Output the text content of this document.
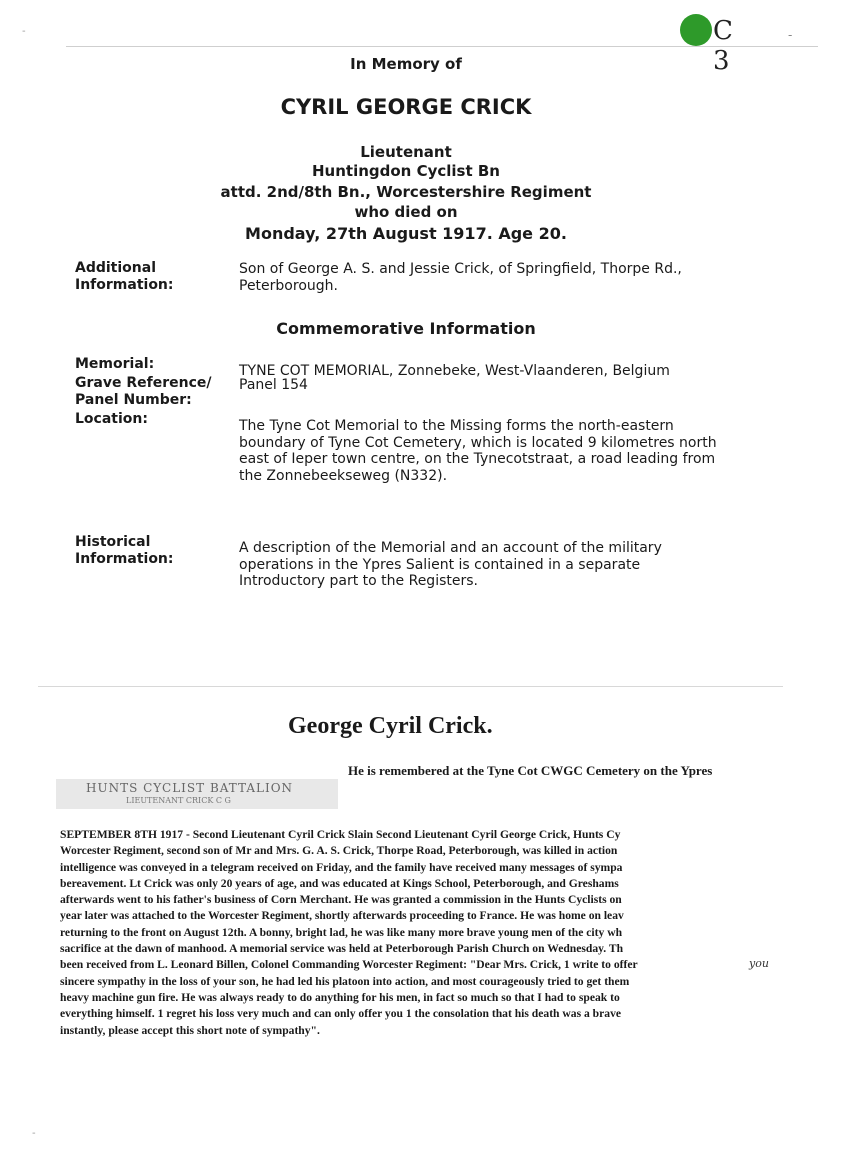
-
-
C 3
-
In Memory of
CYRIL GEORGE CRICK
Lieutenant
Huntingdon Cyclist Bn
attd. 2nd/8th Bn., Worcestershire Regiment
who died on
Monday, 27th August 1917. Age 20.
Additional Information:
Son of George A. S. and Jessie Crick, of Springfield, Thorpe Rd.,
Peterborough.
Commemorative Information
Memorial:	TYNE COT MEMORIAL, Zonnebeke, West-Vlaanderen, Belgium
Grave Reference/ Panel Number:
Panel 154
Location:	The Tyne Cot Memorial to the Missing forms the north-eastern
boundary of Tyne Cot Cemetery, which is located 9 kilometres north
east of Ieper town centre, on the Tynecotstraat, a road leading from
the Zonnebeekseweg (N332).
Historical Information:
A description of the Memorial and an account of the military
operations in the Ypres Salient is contained in a separate
Introductory part to the Registers.
George Cyril Crick.
He is remembered at the Tyne Cot CWGC Cemetery on the Ypres
HUNTS CYCLIST BATTALION
LIEUTENANT CRICK C G
SEPTEMBER 8TH 1917 - Second Lieutenant Cyril Crick Slain Second Lieutenant Cyril George Crick, Hunts Cy
Worcester Regiment, second son of Mr and Mrs. G. A. S. Crick, Thorpe Road, Peterborough, was killed in action
intelligence was conveyed in a telegram received on Friday, and the family have received many messages of sympa
bereavement. Lt Crick was only 20 years of age, and was educated at Kings School, Peterborough, and Greshams
afterwards went to his father's business of Corn Merchant. He was granted a commission in the Hunts Cyclists on
year later was attached to the Worcester Regiment, shortly afterwards proceeding to France. He was home on leav
returning to the front on August 12th. A bonny, bright lad, he was like many more brave young men of the city wh
sacrifice at the dawn of manhood. A memorial service was held at Peterborough Parish Church on Wednesday. Th
been received from L. Leonard Billen, Colonel Commanding Worcester Regiment: "Dear Mrs. Crick, 1 write to offer
sincere sympathy in the loss of your son, he had led his platoon into action, and most courageously tried to get them
heavy machine gun fire. He was always ready to do anything for his men, in fact so much so that I had to speak to
everything himself. 1 regret his loss very much and can only offer you 1 the consolation that his death was a brave
instantly, please accept this short note of sympathy".
you
